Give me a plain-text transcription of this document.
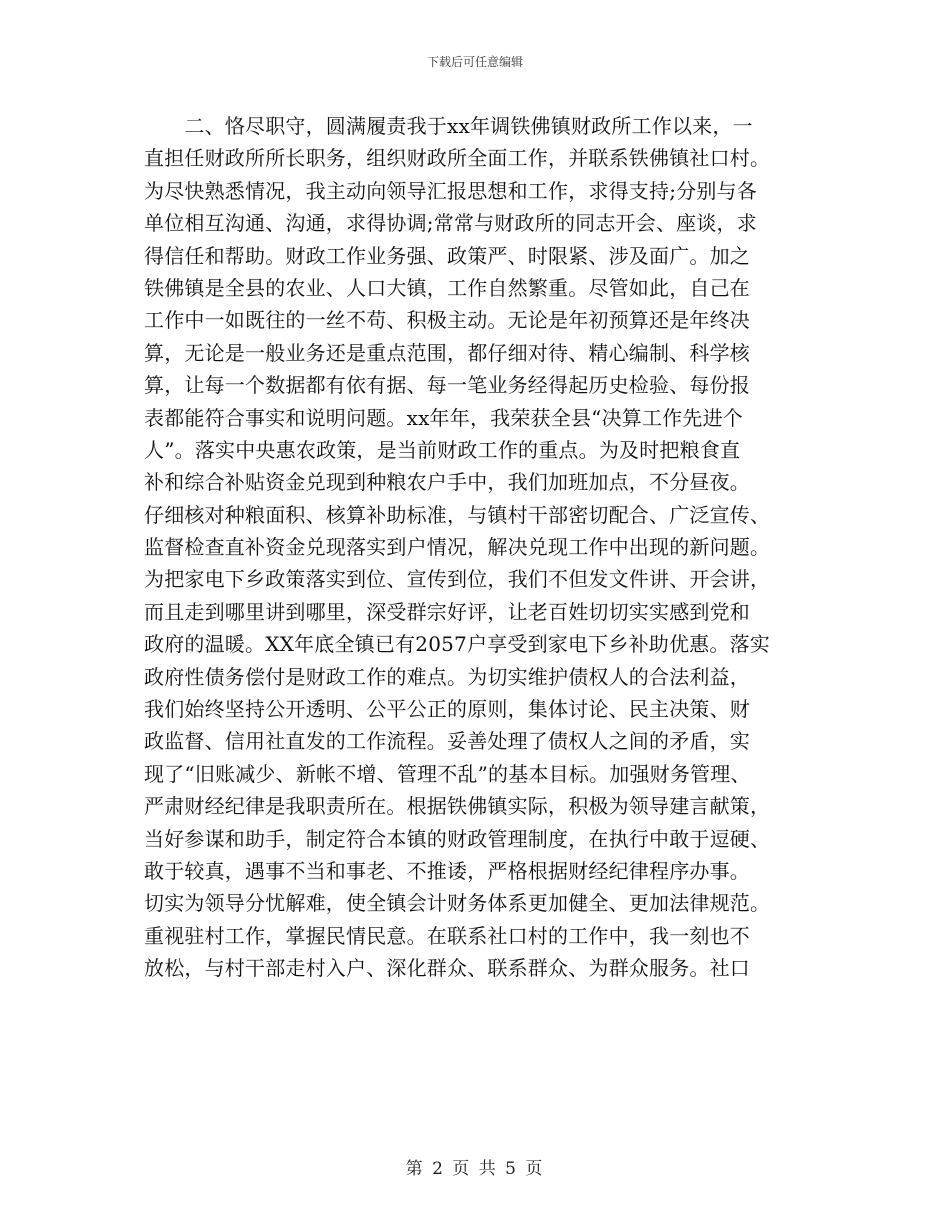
下载后可任意编辑
　　二、恪尽职守，圆满履责我于xx年调铁佛镇财政所工作以来，一
直担任财政所所长职务，组织财政所全面工作，并联系铁佛镇社口村。
为尽快熟悉情况，我主动向领导汇报思想和工作，求得支持;分别与各
单位相互沟通、沟通，求得协调;常常与财政所的同志开会、座谈，求
得信任和帮助。财政工作业务强、政策严、时限紧、涉及面广。加之
铁佛镇是全县的农业、人口大镇，工作自然繁重。尽管如此，自己在
工作中一如既往的一丝不苟、积极主动。无论是年初预算还是年终决
算，无论是一般业务还是重点范围，都仔细对待、精心编制、科学核
算，让每一个数据都有依有据、每一笔业务经得起历史检验、每份报
表都能符合事实和说明问题。xx年年，我荣获全县“决算工作先进个
人”。落实中央惠农政策，是当前财政工作的重点。为及时把粮食直
补和综合补贴资金兑现到种粮农户手中，我们加班加点，不分昼夜。
仔细核对种粮面积、核算补助标准，与镇村干部密切配合、广泛宣传、
监督检查直补资金兑现落实到户情况，解决兑现工作中出现的新问题。
为把家电下乡政策落实到位、宣传到位，我们不但发文件讲、开会讲，
而且走到哪里讲到哪里，深受群宗好评，让老百姓切切实实感到党和
政府的温暖。XX年底全镇已有2057户享受到家电下乡补助优惠。落实
政府性债务偿付是财政工作的难点。为切实维护债权人的合法利益，
我们始终坚持公开透明、公平公正的原则，集体讨论、民主决策、财
政监督、信用社直发的工作流程。妥善处理了债权人之间的矛盾，实
现了“旧账减少、新帐不增、管理不乱”的基本目标。加强财务管理、
严肃财经纪律是我职责所在。根据铁佛镇实际，积极为领导建言献策，
当好参谋和助手，制定符合本镇的财政管理制度，在执行中敢于逗硬、
敢于较真，遇事不当和事老、不推诿，严格根据财经纪律程序办事。
切实为领导分忧解难，使全镇会计财务体系更加健全、更加法律规范。
重视驻村工作，掌握民情民意。在联系社口村的工作中，我一刻也不
放松，与村干部走村入户、深化群众、联系群众、为群众服务。社口
第 2 页 共 5 页
